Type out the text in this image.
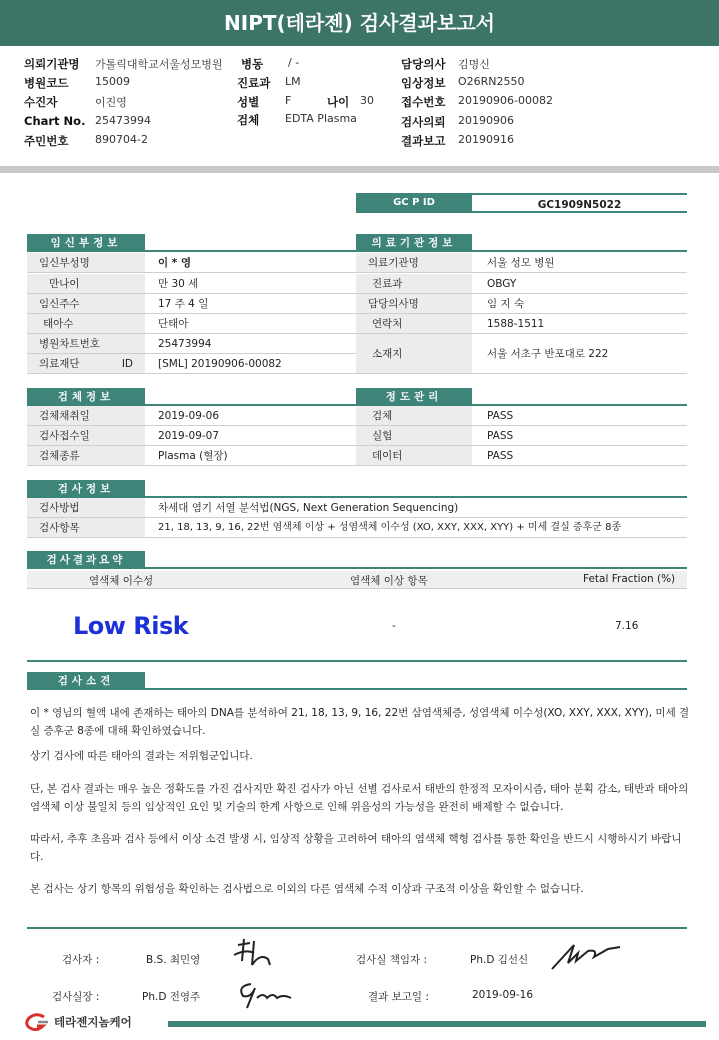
NIPT(테라젠) 검사결과보고서
의뢰기관명 가톨릭대학교서울성모병원 병동 / -	담당의사 김명신
병원코드 15009	진료과 LM	임상정보 O26RN2550
수진자	이진영	성별 F	나이 30 접수번호 20190906-00082
Chart No. 25473994	검체 EDTA Plasma	검사의뢰 20190906
주민번호 890704-2	결과보고 20190916
GC P ID	GC1909N5022
임신부정보
임신부성명	이 * 영
만나이	만 30 세
임신주수	17 주 4 일
태아수	단태아
병원차트번호	25473994
의료재단 ID	[SML] 20190906-00082
의료기관정보
의료기관명	서울 성모 병원
진료과	OBGY
담당의사명	임 지 숙
연락처	1588-1511
소재지	서울 서초구 반포대로 222
검체정보
검체채취일	2019-09-06
검사접수일	2019-09-07
검체종류	Plasma (혈장)
정도관리
검체	PASS
실험	PASS
데이터	PASS
검사정보
검사방법	차세대 염기 서열 분석법(NGS, Next Generation Sequencing)
검사항목	21, 18, 13, 9, 16, 22번 염색체 이상 + 성염색체 이수성 (XO, XXY, XXX, XYY) + 미세 결실 증후군 8종
검사결과요약
염색체 이수성	염색체 이상 항목	Fetal Fraction (%)
Low Risk	-	7.16
검사소견
이 * 영님의 혈액 내에 존재하는 태아의 DNA를 분석하여 21, 18, 13, 9, 16, 22번 삼염색체증, 성염색체 이수성(XO, XXY, XXX, XYY), 미세 결실 증후군 8종에 대해 확인하였습니다.
상기 검사에 따른 태아의 결과는 저위험군입니다.
단, 본 검사 결과는 매우 높은 정확도를 가진 검사지만 확진 검사가 아닌 선별 검사로서 태반의 한정적 모자이시즘, 태아 분획 감소, 태반과 태아의 염색체 이상 불일치 등의 임상적인 요인 및 기술의 한계 사항으로 인해 위음성의 가능성을 완전히 배제할 수 없습니다.
따라서, 추후 초음파 검사 등에서 이상 소견 발생 시, 임상적 상황을 고려하여 태아의 염색체 핵형 검사를 통한 확인을 반드시 시행하시기 바랍니다.
본 검사는 상기 항목의 위험성을 확인하는 검사법으로 이외의 다른 염색체 수적 이상과 구조적 이상을 확인할 수 없습니다.
검사자 :	B.S. 최민영	검사실 책임자 :	Ph.D 김선신
검사실장 :	Ph.D 전영주	결과 보고일 :	2019-09-16
테라젠지놈케어
